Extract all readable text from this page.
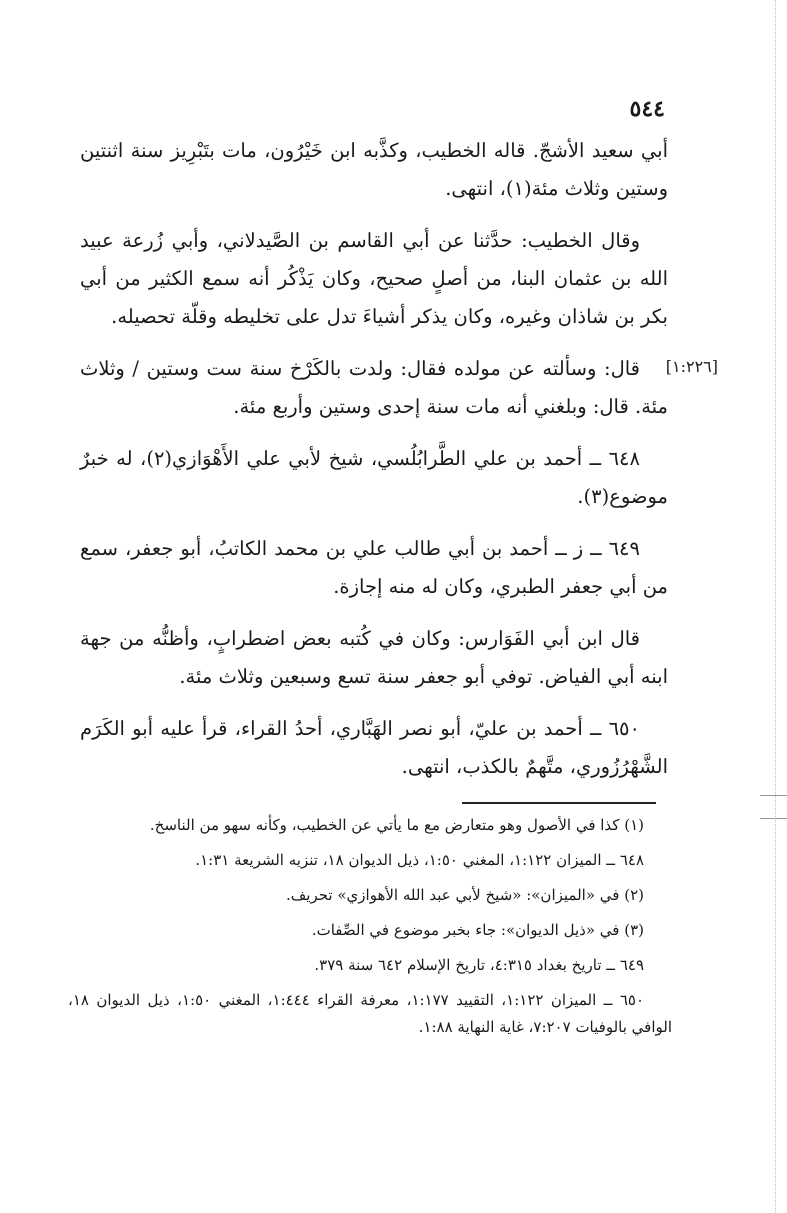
٥٤٤
[١:٢٢٦]

أبي سعيد الأشجّ. قاله الخطيب، وكذَّبه ابن خَيْرُون، مات بتَبْرِيز سنة اثنتين وستين وثلاث مئة(١)، انتهى.

وقال الخطيب: حدَّثنا عن أبي القاسم بن الصَّيدلاني، وأبي زُرعة عبيد الله بن عثمان البنا، من أصلٍ صحيح، وكان يَذْكُر أنه سمع الكثير من أبي بكر بن شاذان وغيره، وكان يذكر أشياءَ تدل على تخليطه وقلّة تحصيله.

قال: وسألته عن مولده فقال: ولدت بالكَرْخ سنة ست وستين / وثلاث مئة. قال: وبلغني أنه مات سنة إحدى وستين وأربع مئة.

٦٤٨ ــ أحمد بن علي الطَّرابُلُسي، شيخ لأبي علي الأَهْوَازي(٢)، له خبرٌ موضوع(٣).

٦٤٩ ــ ز ــ أحمد بن أبي طالب علي بن محمد الكاتبُ، أبو جعفر، سمع من أبي جعفر الطبري، وكان له منه إجازة.

قال ابن أبي الفَوَارس: وكان في كُتبه بعض اضطرابٍ، وأظنُّه من جهة ابنه أبي الفياض. توفي أبو جعفر سنة تسع وسبعين وثلاث مئة.

٦٥٠ ــ أحمد بن عليّ، أبو نصر الهَبَّاري، أحدُ القراء، قرأ عليه أبو الكَرَم الشَّهْرُزُوري، متَّهمٌ بالكذب، انتهى.

(١) كذا في الأصول وهو متعارض مع ما يأتي عن الخطيب، وكأنه سهو من الناسخ.

٦٤٨ ــ الميزان ١:١٢٢، المغني ١:٥٠، ذيل الديوان ١٨، تنزيه الشريعة ١:٣١.

(٢) في «الميزان»: «شيخ لأبي عبد الله الأهوازي» تحريف.

(٣) في «ذيل الديوان»: جاء بخبر موضوع في الصِّفات.

٦٤٩ ــ تاريخ بغداد ٤:٣١٥، تاريخ الإسلام ٦٤٢ سنة ٣٧٩.

٦٥٠ ــ الميزان ١:١٢٢، التقييد ١:١٧٧، معرفة القراء ١:٤٤٤، المغني ١:٥٠، ذيل الديوان ١٨، الوافي بالوفيات ٧:٢٠٧، غاية النهاية ١:٨٨.
